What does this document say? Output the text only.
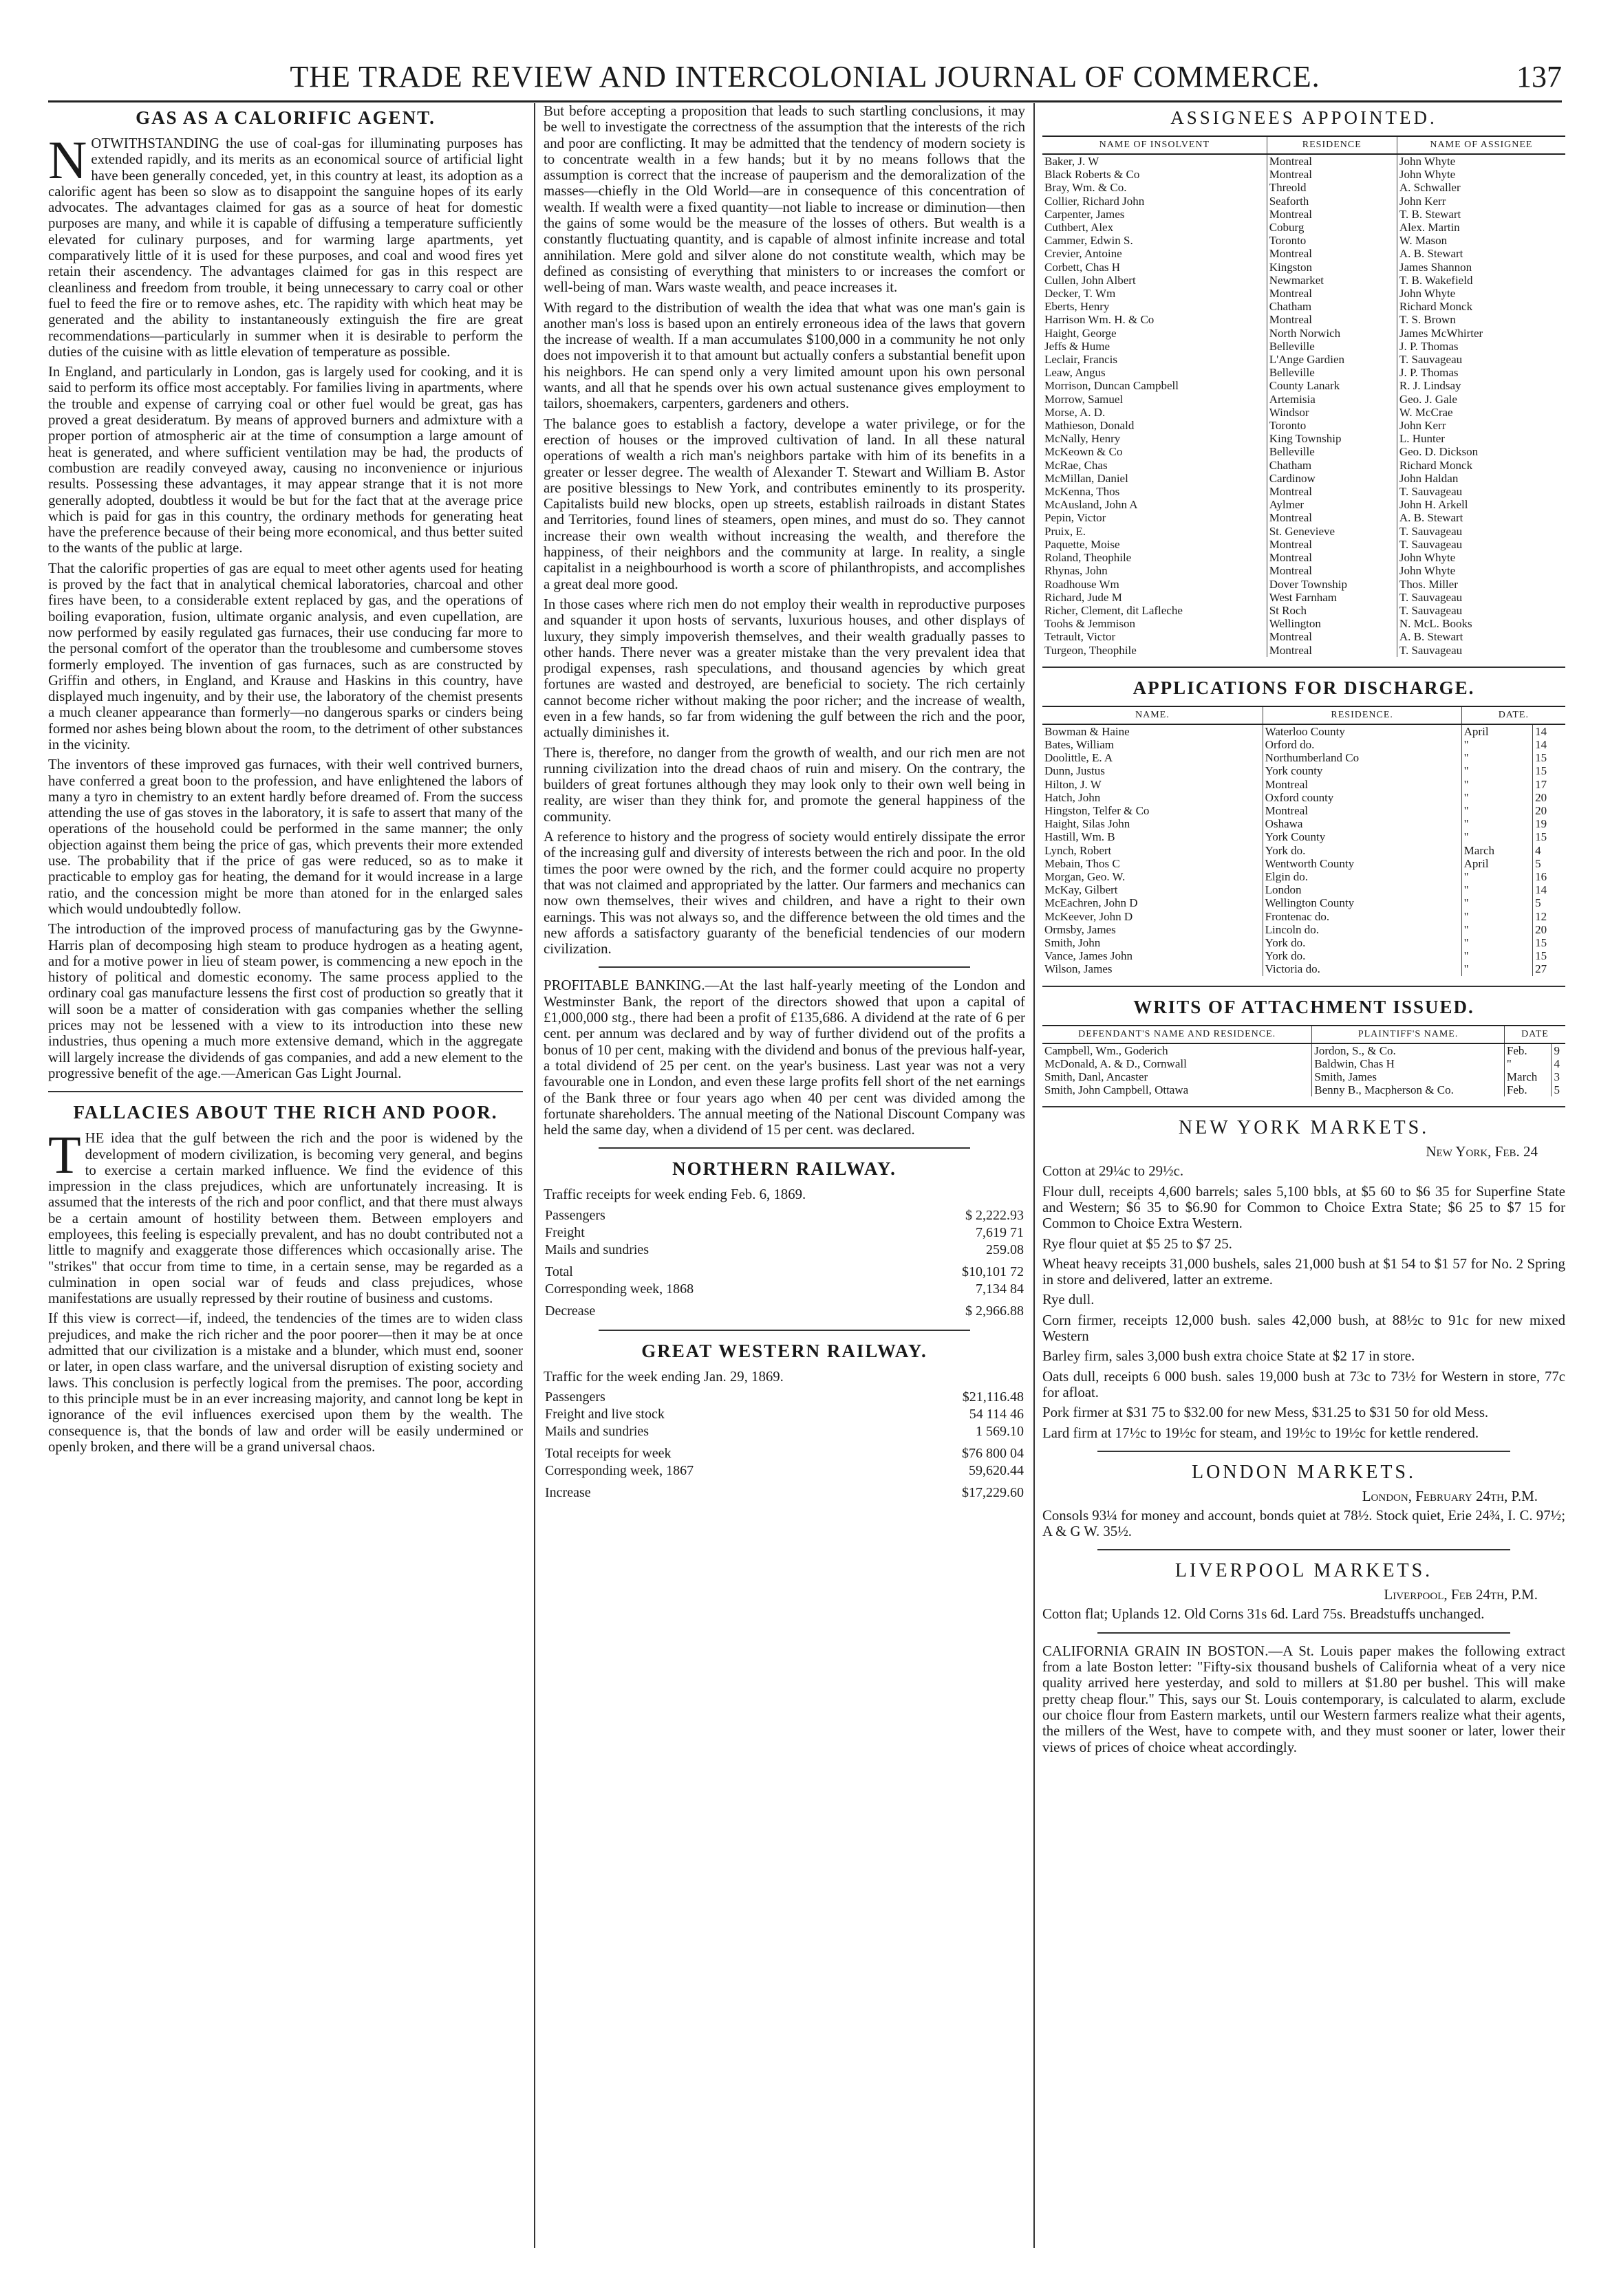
THE TRADE REVIEW AND INTERCOLONIAL JOURNAL OF COMMERCE.	137
GAS AS A CALORIFIC AGENT.

NOTWITHSTANDING the use of coal-gas for illuminating purposes has extended rapidly, and its merits as an economical source of artificial light have been generally conceded, yet, in this country at least, its adoption as a calorific agent has been so slow as to disappoint the sanguine hopes of its early advocates. The advantages claimed for gas as a source of heat for domestic purposes are many, and while it is capable of diffusing a temperature sufficiently elevated for culinary purposes, and for warming large apartments, yet comparatively little of it is used for these purposes, and coal and wood fires yet retain their ascendency. The advantages claimed for gas in this respect are cleanliness and freedom from trouble, it being unnecessary to carry coal or other fuel to feed the fire or to remove ashes, etc. The rapidity with which heat may be generated and the ability to instantaneously extinguish the fire are great recommendations—particularly in summer when it is desirable to perform the duties of the cuisine with as little elevation of temperature as possible.

In England, and particularly in London, gas is largely used for cooking, and it is said to perform its office most acceptably. For families living in apartments, where the trouble and expense of carrying coal or other fuel would be great, gas has proved a great desideratum. By means of approved burners and admixture with a proper portion of atmospheric air at the time of consumption a large amount of heat is generated, and where sufficient ventilation may be had, the products of combustion are readily conveyed away, causing no inconvenience or injurious results. Possessing these advantages, it may appear strange that it is not more generally adopted, doubtless it would be but for the fact that at the average price which is paid for gas in this country, the ordinary methods for generating heat have the preference because of their being more economical, and thus better suited to the wants of the public at large.

That the calorific properties of gas are equal to meet other agents used for heating is proved by the fact that in analytical chemical laboratories, charcoal and other fires have been, to a considerable extent replaced by gas, and the operations of boiling evaporation, fusion, ultimate organic analysis, and even cupellation, are now performed by easily regulated gas furnaces, their use conducing far more to the personal comfort of the operator than the troublesome and cumbersome stoves formerly employed. The invention of gas furnaces, such as are constructed by Griffin and others, in England, and Krause and Haskins in this country, have displayed much ingenuity, and by their use, the laboratory of the chemist presents a much cleaner appearance than formerly—no dangerous sparks or cinders being formed nor ashes being blown about the room, to the detriment of other substances in the vicinity.

The inventors of these improved gas furnaces, with their well contrived burners, have conferred a great boon to the profession, and have enlightened the labors of many a tyro in chemistry to an extent hardly before dreamed of. From the success attending the use of gas stoves in the laboratory, it is safe to assert that many of the operations of the household could be performed in the same manner; the only objection against them being the price of gas, which prevents their more extended use. The probability that if the price of gas were reduced, so as to make it practicable to employ gas for heating, the demand for it would increase in a large ratio, and the concession might be more than atoned for in the enlarged sales which would undoubtedly follow.

The introduction of the improved process of manufacturing gas by the Gwynne-Harris plan of decomposing high steam to produce hydrogen as a heating agent, and for a motive power in lieu of steam power, is commencing a new epoch in the history of political and domestic economy. The same process applied to the ordinary coal gas manufacture lessens the first cost of production so greatly that it will soon be a matter of consideration with gas companies whether the selling prices may not be lessened with a view to its introduction into these new industries, thus opening a much more extensive demand, which in the aggregate will largely increase the dividends of gas companies, and add a new element to the progressive benefit of the age.—American Gas Light Journal.

FALLACIES ABOUT THE RICH AND POOR.

THE idea that the gulf between the rich and the poor is widened by the development of modern civilization, is becoming very general, and begins to exercise a certain marked influence. We find the evidence of this impression in the class prejudices, which are unfortunately increasing. It is assumed that the interests of the rich and poor conflict, and that there must always be a certain amount of hostility between them. Between employers and employees, this feeling is especially prevalent, and has no doubt contributed not a little to magnify and exaggerate those differences which occasionally arise. The "strikes" that occur from time to time, in a certain sense, may be regarded as a culmination in open social war of feuds and class prejudices, whose manifestations are usually repressed by their routine of business and customs.

If this view is correct—if, indeed, the tendencies of the times are to widen class prejudices, and make the rich richer and the poor poorer—then it may be at once admitted that our civilization is a mistake and a blunder, which must end, sooner or later, in open class warfare, and the universal disruption of existing society and laws. This conclusion is perfectly logical from the premises. The poor, according to this principle must be in an ever increasing majority, and cannot long be kept in ignorance of the evil influences exercised upon them by the wealth. The consequence is, that the bonds of law and order will be easily undermined or openly broken, and there will be a grand universal chaos.

But before accepting a proposition that leads to such startling conclusions, it may be well to investigate the correctness of the assumption that the interests of the rich and poor are conflicting. It may be admitted that the tendency of modern society is to concentrate wealth in a few hands; but it by no means follows that the assumption is correct that the increase of pauperism and the demoralization of the masses—chiefly in the Old World—are in consequence of this concentration of wealth. If wealth were a fixed quantity—not liable to increase or diminution—then the gains of some would be the measure of the losses of others. But wealth is a constantly fluctuating quantity, and is capable of almost infinite increase and total annihilation. Mere gold and silver alone do not constitute wealth, which may be defined as consisting of everything that ministers to or increases the comfort or well-being of man. Wars waste wealth, and peace increases it.

With regard to the distribution of wealth the idea that what was one man's gain is another man's loss is based upon an entirely erroneous idea of the laws that govern the increase of wealth. If a man accumulates $100,000 in a community he not only does not impoverish it to that amount but actually confers a substantial benefit upon his neighbors. He can spend only a very limited amount upon his own personal wants, and all that he spends over his own actual sustenance gives employment to tailors, shoemakers, carpenters, gardeners and others.

The balance goes to establish a factory, develope a water privilege, or for the erection of houses or the improved cultivation of land. In all these natural operations of wealth a rich man's neighbors partake with him of its benefits in a greater or lesser degree. The wealth of Alexander T. Stewart and William B. Astor are positive blessings to New York, and contributes eminently to its prosperity. Capitalists build new blocks, open up streets, establish railroads in distant States and Territories, found lines of steamers, open mines, and must do so. They cannot increase their own wealth without increasing the wealth, and therefore the happiness, of their neighbors and the community at large. In reality, a single capitalist in a neighbourhood is worth a score of philanthropists, and accomplishes a great deal more good.

In those cases where rich men do not employ their wealth in reproductive purposes and squander it upon hosts of servants, luxurious houses, and other displays of luxury, they simply impoverish themselves, and their wealth gradually passes to other hands. There never was a greater mistake than the very prevalent idea that prodigal expenses, rash speculations, and thousand agencies by which great fortunes are wasted and destroyed, are beneficial to society. The rich certainly cannot become richer without making the poor richer; and the increase of wealth, even in a few hands, so far from widening the gulf between the rich and the poor, actually diminishes it.

There is, therefore, no danger from the growth of wealth, and our rich men are not running civilization into the dread chaos of ruin and misery. On the contrary, the builders of great fortunes although they may look only to their own well being in reality, are wiser than they think for, and promote the general happiness of the community.

A reference to history and the progress of society would entirely dissipate the error of the increasing gulf and diversity of interests between the rich and poor. In the old times the poor were owned by the rich, and the former could acquire no property that was not claimed and appropriated by the latter. Our farmers and mechanics can now own themselves, their wives and children, and have a right to their own earnings. This was not always so, and the difference between the old times and the new affords a satisfactory guaranty of the beneficial tendencies of our modern civilization.

PROFITABLE BANKING.—At the last half-yearly meeting of the London and Westminster Bank, the report of the directors showed that upon a capital of £1,000,000 stg., there had been a profit of £135,686. A dividend at the rate of 6 per cent. per annum was declared and by way of further dividend out of the profits a bonus of 10 per cent, making with the dividend and bonus of the previous half-year, a total dividend of 25 per cent. on the year's business. Last year was not a very favourable one in London, and even these large profits fell short of the net earnings of the Bank three or four years ago when 40 per cent was divided among the fortunate shareholders. The annual meeting of the National Discount Company was held the same day, when a dividend of 15 per cent. was declared.

NORTHERN RAILWAY.

Traffic receipts for week ending Feb. 6, 1869.

Passengers	$ 2,222.93
Freight	7,619 71
Mails and sundries	259.08
Total	$10,101 72
Corresponding week, 1868	7,134 84
Decrease	$ 2,966.88
GREAT WESTERN RAILWAY.

Traffic for the week ending Jan. 29, 1869.

Passengers	$21,116.48
Freight and live stock	54 114 46
Mails and sundries	1 569.10
Total receipts for week	$76 800 04
Corresponding week, 1867	59,620.44
Increase	$17,229.60
ASSIGNEES APPOINTED.
NAME OF INSOLVENT	RESIDENCE	NAME OF ASSIGNEE
Baker, J. W	Montreal	John Whyte
Black Roberts & Co	Montreal	John Whyte
Bray, Wm. & Co.	Threold	A. Schwaller
Collier, Richard John	Seaforth	John Kerr
Carpenter, James	Montreal	T. B. Stewart
Cuthbert, Alex	Coburg	Alex. Martin
Cammer, Edwin S.	Toronto	W. Mason
Crevier, Antoine	Montreal	A. B. Stewart
Corbett, Chas H	Kingston	James Shannon
Cullen, John Albert	Newmarket	T. B. Wakefield
Decker, T. Wm	Montreal	John Whyte
Eberts, Henry	Chatham	Richard Monck
Harrison Wm. H. & Co	Montreal	T. S. Brown
Haight, George	North Norwich	James McWhirter
Jeffs & Hume	Belleville	J. P. Thomas
Leclair, Francis	L'Ange Gardien	T. Sauvageau
Leaw, Angus	Belleville	J. P. Thomas
Morrison, Duncan Campbell	County Lanark	R. J. Lindsay
Morrow, Samuel	Artemisia	Geo. J. Gale
Morse, A. D.	Windsor	W. McCrae
Mathieson, Donald	Toronto	John Kerr
McNally, Henry	King Township	L. Hunter
McKeown & Co	Belleville	Geo. D. Dickson
McRae, Chas	Chatham	Richard Monck
McMillan, Daniel	Cardinow	John Haldan
McKenna, Thos	Montreal	T. Sauvageau
McAusland, John A	Aylmer	John H. Arkell
Pepin, Victor	Montreal	A. B. Stewart
Pruix, E.	St. Genevieve	T. Sauvageau
Paquette, Moise	Montreal	T. Sauvageau
Roland, Theophile	Montreal	John Whyte
Rhynas, John	Montreal	John Whyte
Roadhouse Wm	Dover Township	Thos. Miller
Richard, Jude M	West Farnham	T. Sauvageau
Richer, Clement, dit Lafleche	St Roch	T. Sauvageau
Toohs & Jemmison	Wellington	N. McL. Books
Tetrault, Victor	Montreal	A. B. Stewart
Turgeon, Theophile	Montreal	T. Sauvageau
APPLICATIONS FOR DISCHARGE.
NAME.	RESIDENCE.	DATE.	
Bowman & Haine	Waterloo County	April	14
Bates, William	Orford do.	"	14
Doolittle, E. A	Northumberland Co	"	15
Dunn, Justus	York county	"	15
Hilton, J. W	Montreal	"	17
Hatch, John	Oxford county	"	20
Hingston, Telfer & Co	Montreal	"	20
Haight, Silas John	Oshawa	"	19
Hastill, Wm. B	York County	"	15
Lynch, Robert	York do.	March	4
Mebain, Thos C	Wentworth County	April	5
Morgan, Geo. W.	Elgin do.	"	16
McKay, Gilbert	London	"	14
McEachren, John D	Wellington County	"	5
McKeever, John D	Frontenac do.	"	12
Ormsby, James	Lincoln do.	"	20
Smith, John	York do.	"	15
Vance, James John	York do.	"	15
Wilson, James	Victoria do.	"	27
WRITS OF ATTACHMENT ISSUED.
DEFENDANT'S NAME AND RESIDENCE.	PLAINTIFF'S NAME.	DATE	
Campbell, Wm., Goderich	Jordon, S., & Co.	Feb.	9
McDonald, A. & D., Cornwall	Baldwin, Chas H	"	4
Smith, Danl, Ancaster	Smith, James	March	3
Smith, John Campbell, Ottawa	Benny B., Macpherson & Co.	Feb.	5
NEW YORK MARKETS.
New York, Feb. 24

Cotton at 29¼c to 29½c.

Flour dull, receipts 4,600 barrels; sales 5,100 bbls, at $5 60 to $6 35 for Superfine State and Western; $6 35 to $6.90 for Common to Choice Extra State; $6 25 to $7 15 for Common to Choice Extra Western.

Rye flour quiet at $5 25 to $7 25.

Wheat heavy receipts 31,000 bushels, sales 21,000 bush at $1 54 to $1 57 for No. 2 Spring in store and delivered, latter an extreme.

Rye dull.

Corn firmer, receipts 12,000 bush. sales 42,000 bush, at 88½c to 91c for new mixed Western

Barley firm, sales 3,000 bush extra choice State at $2 17 in store.

Oats dull, receipts 6 000 bush. sales 19,000 bush at 73c to 73½ for Western in store, 77c for afloat.

Pork firmer at $31 75 to $32.00 for new Mess, $31.25 to $31 50 for old Mess.

Lard firm at 17½c to 19½c for steam, and 19½c to 19½c for kettle rendered.

LONDON MARKETS.
London, February 24th, P.M.

Consols 93¼ for money and account, bonds quiet at 78½. Stock quiet, Erie 24¾, I. C. 97½; A & G W. 35½.

LIVERPOOL MARKETS.
Liverpool, Feb 24th, P.M.

Cotton flat; Uplands 12. Old Corns 31s 6d. Lard 75s. Breadstuffs unchanged.

CALIFORNIA GRAIN IN BOSTON.—A St. Louis paper makes the following extract from a late Boston letter: "Fifty-six thousand bushels of California wheat of a very nice quality arrived here yesterday, and sold to millers at $1.80 per bushel. This will make pretty cheap flour." This, says our St. Louis contemporary, is calculated to alarm, exclude our choice flour from Eastern markets, until our Western farmers realize what their agents, the millers of the West, have to compete with, and they must sooner or later, lower their views of prices of choice wheat accordingly.
